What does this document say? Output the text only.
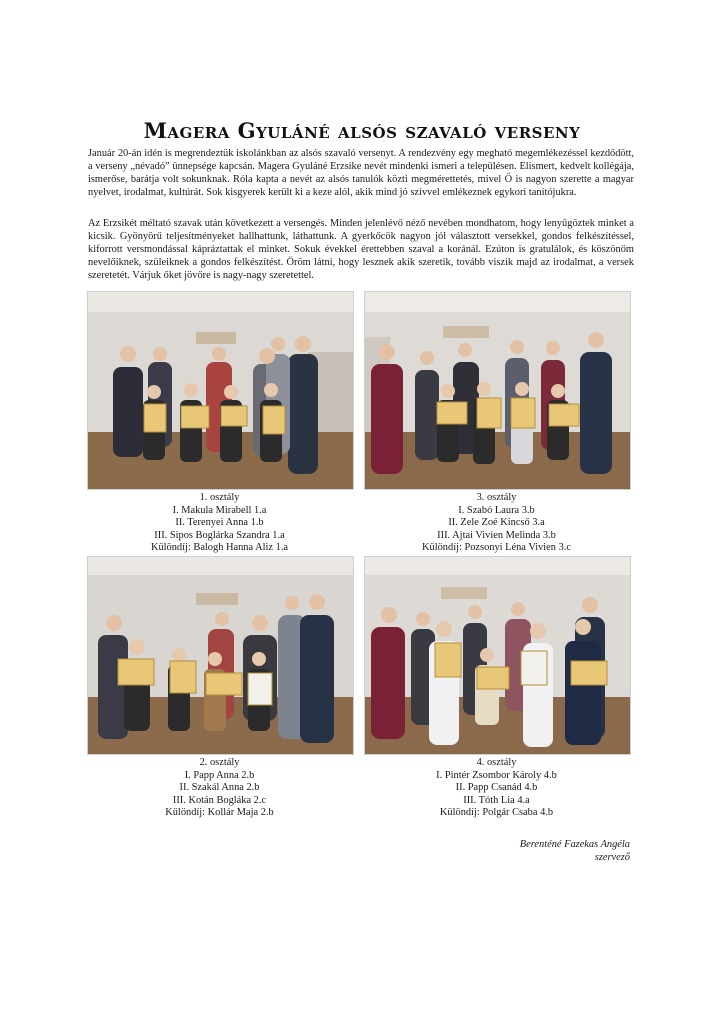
Magera Gyuláné alsós szavaló verseny

Január 20-án idén is megrendeztük iskolánkban az alsós szavaló versenyt. A rendezvény egy megható megemlékezéssel kezdődött, a verseny „névadó” ünnepsége kapcsán. Magera Gyuláné Erzsike nevét mindenki ismeri a településen. Elismert, kedvelt kollégája, ismerőse, barátja volt sokunknak. Róla kapta a nevét az alsós tanulók közti megmérettetés, mivel Ő is nagyon szerette a magyar nyelvet, irodalmat, kultúrát. Sok kisgyerek került ki a keze alól, akik mind jó szívvel emlékeznek egykori tanítójukra.

Az Erzsikét méltató szavak után következett a versengés. Minden jelenlévő néző nevében mondhatom, hogy lenyűgöztek minket a kicsik. Gyönyörű teljesítményeket hallhattunk, láthattunk. A gyerkőcök nagyon jól választott versekkel, gondos felkészítéssel, kiforrott versmondással kápráztattak el minket. Sokuk évekkel érettebben szaval a koránál. Ezúton is gratulálok, és köszönöm nevelőiknek, szüleiknek a gondos felkészítést. Öröm látni, hogy lesznek akik szeretik, tovább viszik majd az irodalmat, a versek szeretetét. Várjuk őket jövőre is nagy-nagy szeretettel.

1. osztály
I. Makula Mirabell 1.a
II. Terenyei Anna 1.b
III. Sipos Boglárka Szandra 1.a
Különdíj: Balogh Hanna Aliz 1.a
3. osztály
I. Szabó Laura 3.b
II. Zele Zoé Kincső 3.a
III. Ajtai Vivien Melinda 3.b
Különdíj: Pozsonyi Léna Vivien 3.c
2. osztály
I. Papp Anna 2.b
II. Szakál Anna 2.b
III. Kotán Bogláka 2.c
Különdíj: Kollár Maja 2.b
4. osztály
I. Pintér Zsombor Károly 4.b
II. Papp Csanád 4.b
III. Tóth Lia 4.a
Különdíj: Polgár Csaba 4.b
Berenténé Fazekas Angéla
szervező
